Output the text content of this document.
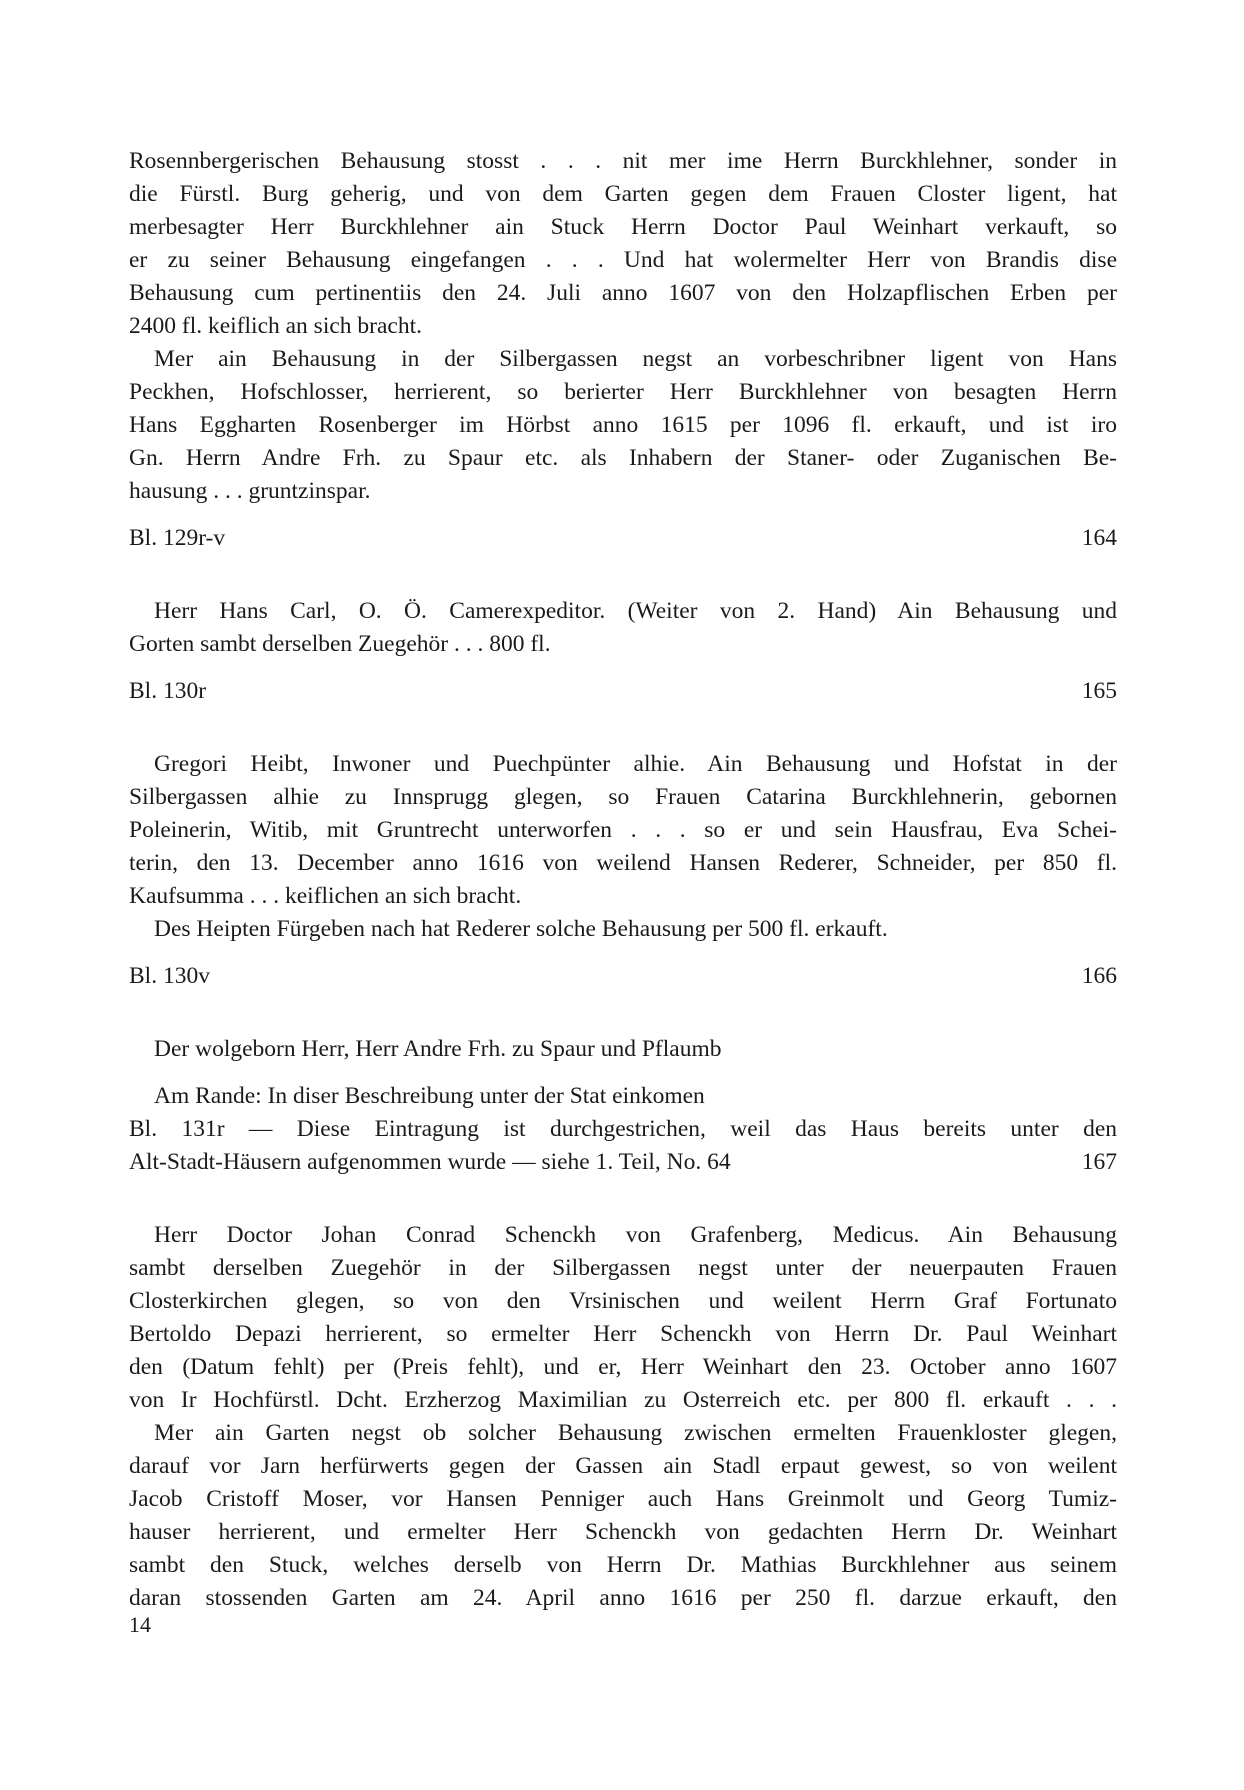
Rosennbergerischen Behausung stosst . . . nit mer ime Herrn Burckhlehner, sonder in
die Fürstl. Burg geherig, und von dem Garten gegen dem Frauen Closter ligent, hat
merbesagter Herr Burckhlehner ain Stuck Herrn Doctor Paul Weinhart verkauft, so
er zu seiner Behausung eingefangen . . . Und hat wolermelter Herr von Brandis dise
Behausung cum pertinentiis den 24. Juli anno 1607 von den Holzapflischen Erben per
2400 fl. keiflich an sich bracht.
Mer ain Behausung in der Silbergassen negst an vorbeschribner ligent von Hans
Peckhen, Hofschlosser, herrierent, so berierter Herr Burckhlehner von besagten Herrn
Hans Eggharten Rosenberger im Hörbst anno 1615 per 1096 fl. erkauft, und ist iro
Gn. Herrn Andre Frh. zu Spaur etc. als Inhabern der Staner- oder Zuganischen Be-
hausung . . . gruntzinspar.
Bl. 129r-v	164
Herr Hans Carl, O. Ö. Camerexpeditor. (Weiter von 2. Hand) Ain Behausung und
Gorten sambt derselben Zuegehör . . . 800 fl.
Bl. 130r	165
Gregori Heibt, Inwoner und Puechpünter alhie. Ain Behausung und Hofstat in der
Silbergassen alhie zu Innsprugg glegen, so Frauen Catarina Burckhlehnerin, gebornen
Poleinerin, Witib, mit Gruntrecht unterworfen . . . so er und sein Hausfrau, Eva Schei-
terin, den 13. December anno 1616 von weilend Hansen Rederer, Schneider, per 850 fl.
Kaufsumma . . . keiflichen an sich bracht.
Des Heipten Fürgeben nach hat Rederer solche Behausung per 500 fl. erkauft.
Bl. 130v	166
Der wolgeborn Herr, Herr Andre Frh. zu Spaur und Pflaumb
Am Rande: In diser Beschreibung unter der Stat einkomen
Bl. 131r — Diese Eintragung ist durchgestrichen, weil das Haus bereits unter den
Alt-Stadt-Häusern aufgenommen wurde — siehe 1. Teil, No. 64	167
Herr Doctor Johan Conrad Schenckh von Grafenberg, Medicus. Ain Behausung
sambt derselben Zuegehör in der Silbergassen negst unter der neuerpauten Frauen
Closterkirchen glegen, so von den Vrsinischen und weilent Herrn Graf Fortunato
Bertoldo Depazi herrierent, so ermelter Herr Schenckh von Herrn Dr. Paul Weinhart
den (Datum fehlt) per (Preis fehlt), und er, Herr Weinhart den 23. October anno 1607
von Ir Hochfürstl. Dcht. Erzherzog Maximilian zu Osterreich etc. per 800 fl. erkauft . . .
Mer ain Garten negst ob solcher Behausung zwischen ermelten Frauenkloster glegen,
darauf vor Jarn herfürwerts gegen der Gassen ain Stadl erpaut gewest, so von weilent
Jacob Cristoff Moser, vor Hansen Penniger auch Hans Greinmolt und Georg Tumiz-
hauser herrierent, und ermelter Herr Schenckh von gedachten Herrn Dr. Weinhart
sambt den Stuck, welches derselb von Herrn Dr. Mathias Burckhlehner aus seinem
daran stossenden Garten am 24. April anno 1616 per 250 fl. darzue erkauft, den
14
